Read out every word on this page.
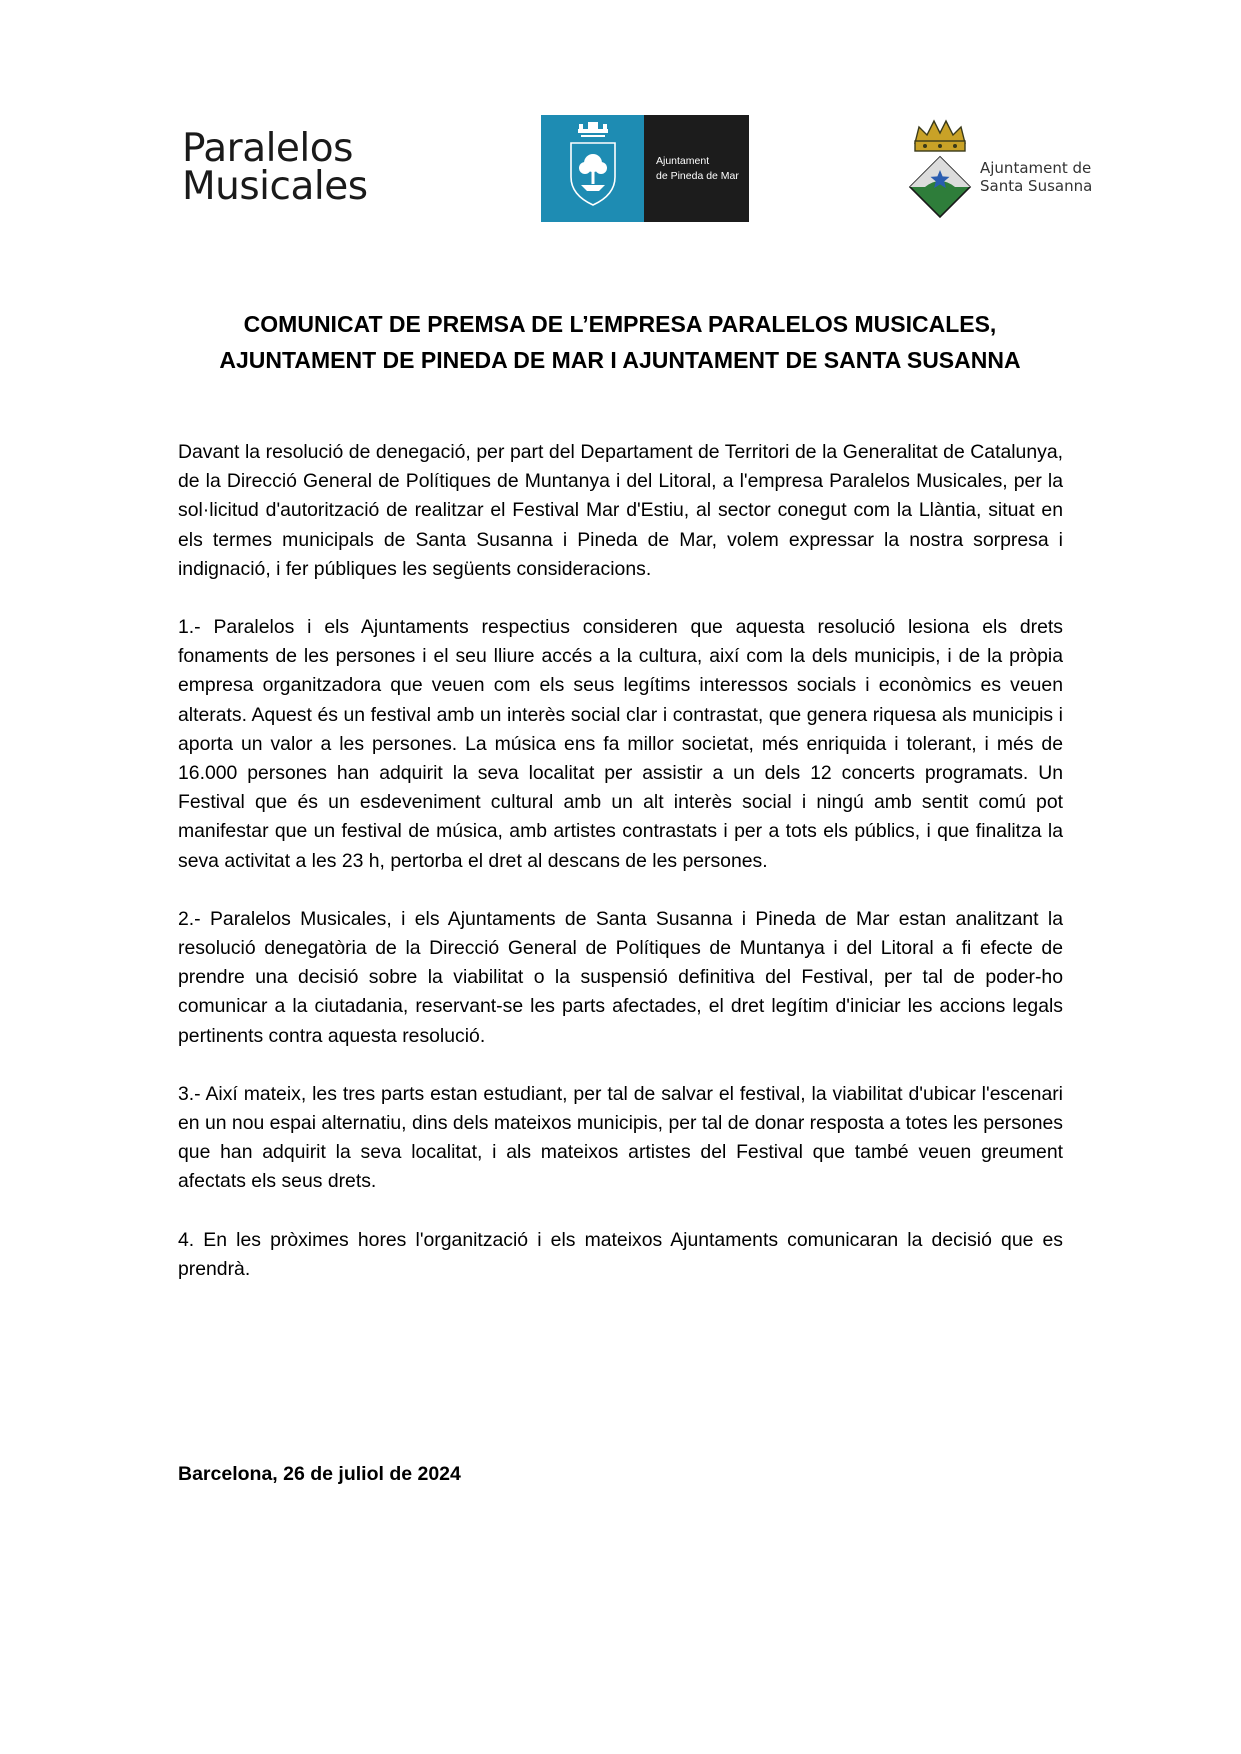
Paralelos
Musicales
Ajuntament
de Pineda de Mar	Ajuntament de
Santa Susanna
COMUNICAT DE PREMSA DE L’EMPRESA PARALELOS MUSICALES,
AJUNTAMENT DE PINEDA DE MAR I AJUNTAMENT DE SANTA SUSANNA

Davant la resolució de denegació, per part del Departament de Territori de la Generalitat de Catalunya, de la Direcció General de Polítiques de Muntanya i del Litoral, a l'empresa Paralelos Musicales, per la sol·licitud d'autorització de realitzar el Festival Mar d'Estiu, al sector conegut com la Llàntia, situat en els termes municipals de Santa Susanna i Pineda de Mar, volem expressar la nostra sorpresa i indignació, i fer públiques les següents consideracions.

1.- Paralelos i els Ajuntaments respectius consideren que aquesta resolució lesiona els drets fonaments de les persones i el seu lliure accés a la cultura, així com la dels municipis, i de la pròpia empresa organitzadora que veuen com els seus legítims interessos socials i econòmics es veuen alterats. Aquest és un festival amb un interès social clar i contrastat, que genera riquesa als municipis i aporta un valor a les persones. La música ens fa millor societat, més enriquida i tolerant, i més de 16.000 persones han adquirit la seva localitat per assistir a un dels 12 concerts programats. Un Festival que és un esdeveniment cultural amb un alt interès social i ningú amb sentit comú pot manifestar que un festival de música, amb artistes contrastats i per a tots els públics, i que finalitza la seva activitat a les 23 h, pertorba el dret al descans de les persones.

2.- Paralelos Musicales, i els Ajuntaments de Santa Susanna i Pineda de Mar estan analitzant la resolució denegatòria de la Direcció General de Polítiques de Muntanya i del Litoral a fi efecte de prendre una decisió sobre la viabilitat o la suspensió definitiva del Festival, per tal de poder-ho comunicar a la ciutadania, reservant-se les parts afectades, el dret legítim d'iniciar les accions legals pertinents contra aquesta resolució.

3.- Així mateix, les tres parts estan estudiant, per tal de salvar el festival, la viabilitat d'ubicar l'escenari en un nou espai alternatiu, dins dels mateixos municipis, per tal de donar resposta a totes les persones que han adquirit la seva localitat, i als mateixos artistes del Festival que també veuen greument afectats els seus drets.

4. En les pròximes hores l'organització i els mateixos Ajuntaments comunicaran la decisió que es prendrà.

Barcelona, 26 de juliol de 2024
